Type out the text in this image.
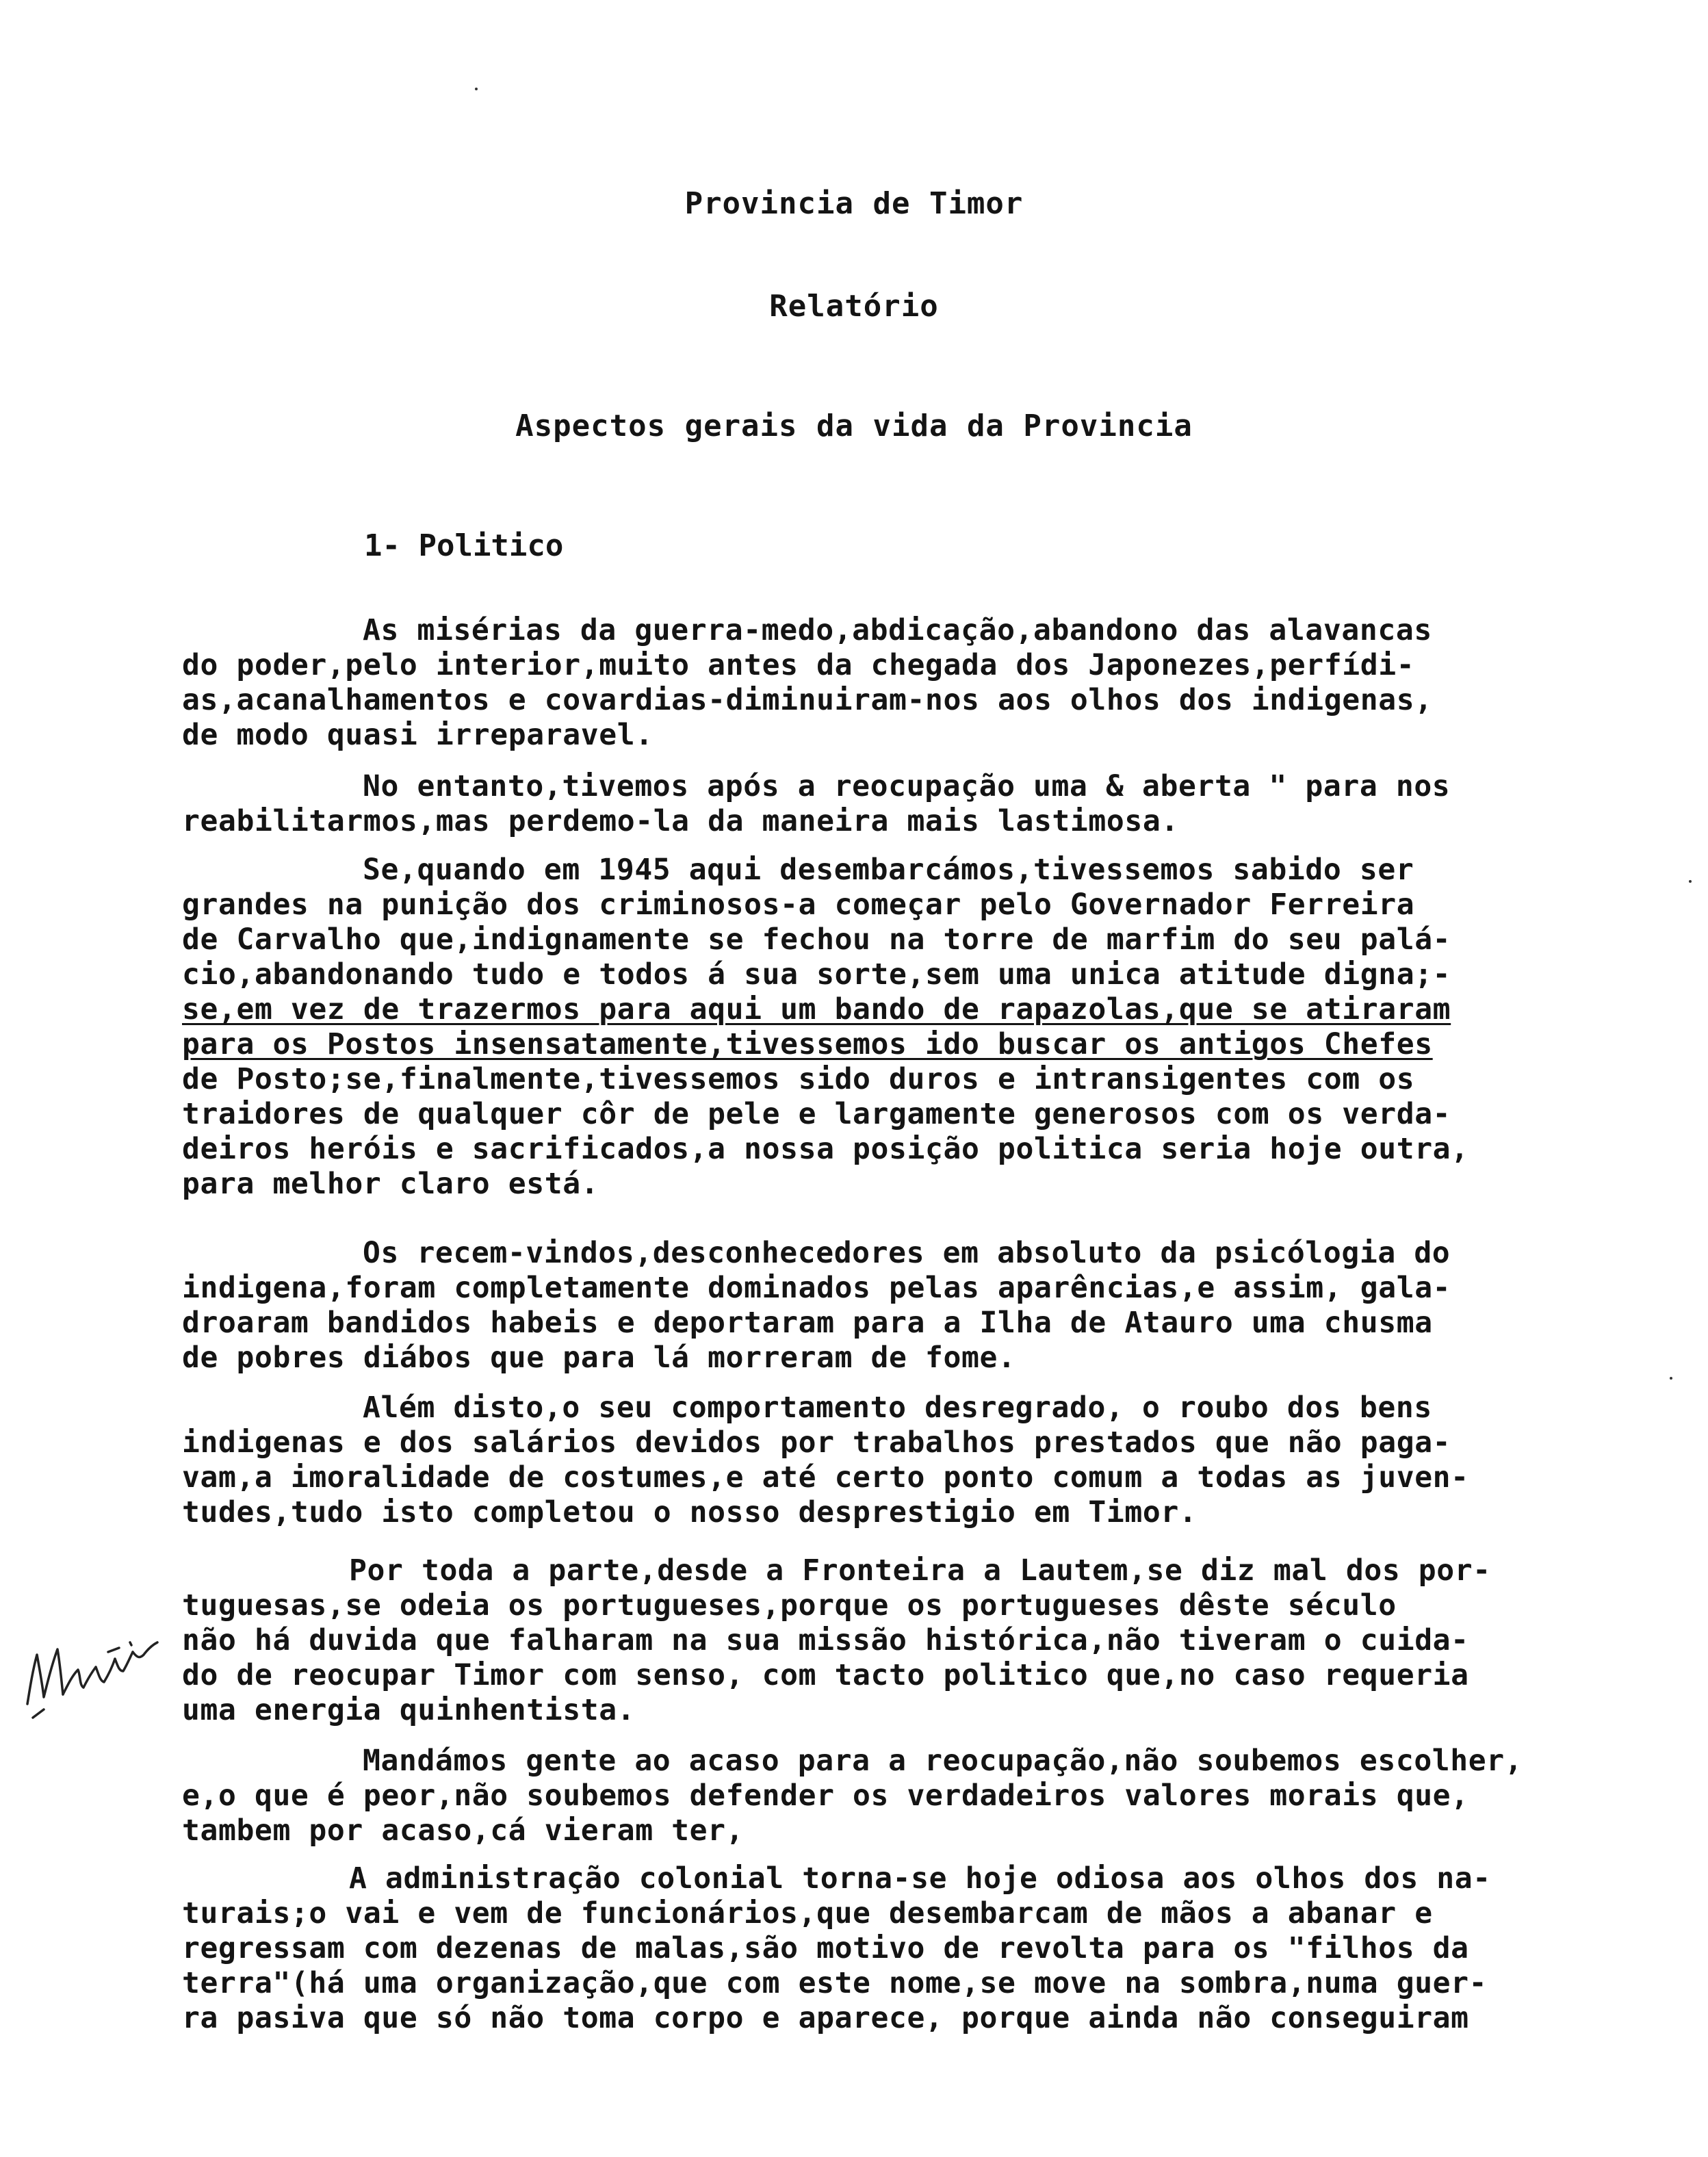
Provincia de Timor
Relatório
Aspectos gerais da vida da Provincia
1- Politico
As misérias da guerra-medo,abdicação,abandono das alavancas
do poder,pelo interior,muito antes da chegada dos Japonezes,perfídi-
as,acanalhamentos e covardias-diminuiram-nos aos olhos dos indigenas,
de modo quasi irreparavel.
No entanto,tivemos após a reocupação uma & aberta " para nos
reabilitarmos,mas perdemo-la da maneira mais lastimosa.
Se,quando em 1945 aqui desembarcámos,tivessemos sabido ser
grandes na punição dos criminosos-a começar pelo Governador Ferreira
de Carvalho que,indignamente se fechou na torre de marfim do seu palá-
cio,abandonando tudo e todos á sua sorte,sem uma unica atitude digna;-
se,em vez de trazermos para aqui um bando de rapazolas,que se atiraram
para os Postos insensatamente,tivessemos ido buscar os antigos Chefes
de Posto;se,finalmente,tivessemos sido duros e intransigentes com os
traidores de qualquer côr de pele e largamente generosos com os verda-
deiros heróis e sacrificados,a nossa posição politica seria hoje outra,
para melhor claro está.
Os recem-vindos,desconhecedores em absoluto da psicólogia do
indigena,foram completamente dominados pelas aparências,e assim, gala-
droaram bandidos habeis e deportaram para a Ilha de Atauro uma chusma
de pobres diábos que para lá morreram de fome.
Além disto,o seu comportamento desregrado, o roubo dos bens
indigenas e dos salários devidos por trabalhos prestados que não paga-
vam,a imoralidade de costumes,e até certo ponto comum a todas as juven-
tudes,tudo isto completou o nosso desprestigio em Timor.
Por toda a parte,desde a Fronteira a Lautem,se diz mal dos por-
tuguesas,se odeia os portugueses,porque os portugueses dêste século
não há duvida que falharam na sua missão histórica,não tiveram o cuida-
do de reocupar Timor com senso, com tacto politico que,no caso requeria
uma energia quinhentista.
Mandámos gente ao acaso para a reocupação,não soubemos escolher,
e,o que é peor,não soubemos defender os verdadeiros valores morais que,
tambem por acaso,cá vieram ter,
A administração colonial torna-se hoje odiosa aos olhos dos na-
turais;o vai e vem de funcionários,que desembarcam de mãos a abanar e
regressam com dezenas de malas,são motivo de revolta para os "filhos da
terra"(há uma organização,que com este nome,se move na sombra,numa guer-
ra pasiva que só não toma corpo e aparece, porque ainda não conseguiram
